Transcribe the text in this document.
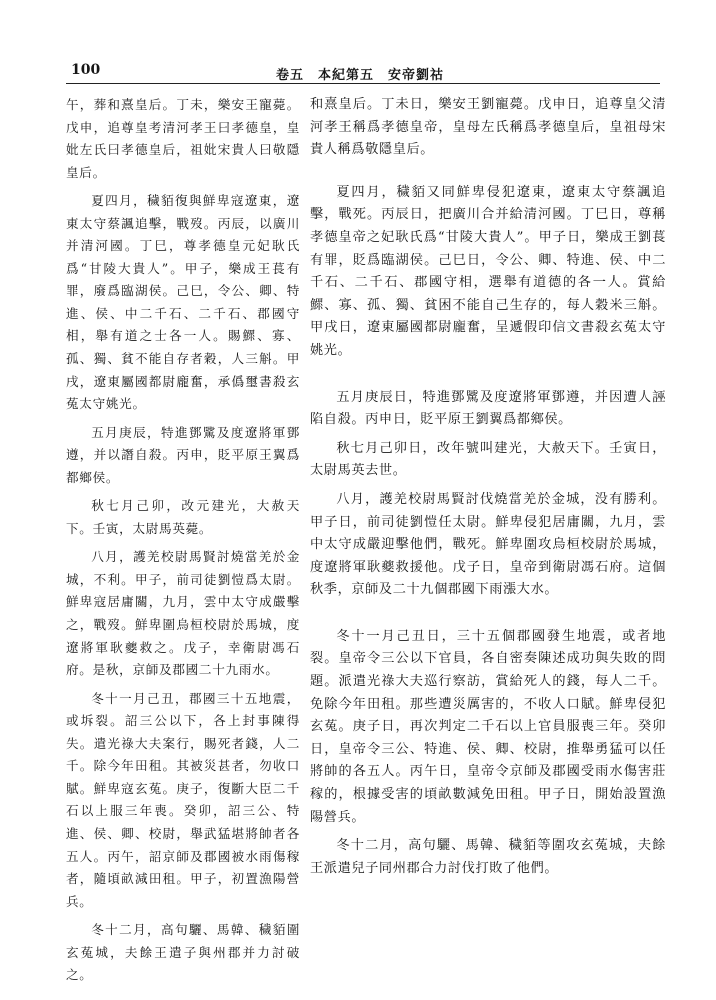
100	卷五　本紀第五　安帝劉祜

午，葬和熹皇后。丁未，樂安王寵薨。戊申，追尊皇考清河孝王曰孝德皇，皇妣左氏曰孝德皇后，祖妣宋貴人曰敬隱皇后。

夏四月，穢貊復與鮮卑寇遼東，遼東太守蔡諷追擊，戰歿。丙辰，以廣川并清河國。丁巳，尊孝德皇元妃耿氏爲“甘陵大貴人”。甲子，樂成王萇有罪，廢爲臨湖侯。己巳，令公、卿、特進、侯、中二千石、二千石、郡國守相，舉有道之士各一人。賜鰥、寡、孤、獨、貧不能自存者穀，人三斛。甲戌，遼東屬國都尉龐奮，承僞璽書殺玄菟太守姚光。

五月庚辰，特進鄧騭及度遼將軍鄧遵，并以譖自殺。丙申，貶平原王翼爲都鄉侯。

秋七月己卯，改元建光，大赦天下。壬寅，太尉馬英薨。

八月，護羌校尉馬賢討燒當羌於金城，不利。甲子，前司徒劉愷爲太尉。鮮卑寇居庸關，九月，雲中太守成嚴擊之，戰歿。鮮卑圍烏桓校尉於馬城，度遼將軍耿夔救之。戊子，幸衛尉馮石府。是秋，京師及郡國二十九雨水。

冬十一月己丑，郡國三十五地震，或坼裂。詔三公以下，各上封事陳得失。遣光祿大夫案行，賜死者錢，人二千。除今年田租。其被災甚者，勿收口賦。鮮卑寇玄菟。庚子，復斷大臣二千石以上服三年喪。癸卯，詔三公、特進、侯、卿、校尉，舉武猛堪將帥者各五人。丙午，詔京師及郡國被水雨傷稼者，隨頃畝減田租。甲子，初置漁陽營兵。

冬十二月，高句驪、馬韓、穢貊圍玄菟城，夫餘王遣子與州郡并力討破之。

和熹皇后。丁未日，樂安王劉寵薨。戊申日，追尊皇父清河孝王稱爲孝德皇帝，皇母左氏稱爲孝德皇后，皇祖母宋貴人稱爲敬隱皇后。

夏四月，穢貊又同鮮卑侵犯遼東，遼東太守蔡諷追擊，戰死。丙辰日，把廣川合并給清河國。丁巳日，尊稱孝德皇帝之妃耿氏爲“甘陵大貴人”。甲子日，樂成王劉萇有罪，貶爲臨湖侯。己巳日，令公、卿、特進、侯、中二千石、二千石、郡國守相，選舉有道德的各一人。賞給鰥、寡、孤、獨、貧困不能自己生存的，每人穀米三斛。甲戌日，遼東屬國都尉龐奮，呈遞假印信文書殺玄菟太守姚光。

五月庚辰日，特進鄧騭及度遼將軍鄧遵，并因遭人誣陷自殺。丙申日，貶平原王劉翼爲都鄉侯。

秋七月己卯日，改年號叫建光，大赦天下。壬寅日，太尉馬英去世。

八月，護羌校尉馬賢討伐燒當羌於金城，没有勝利。甲子日，前司徒劉愷任太尉。鮮卑侵犯居庸關，九月，雲中太守成嚴迎擊他們，戰死。鮮卑圍攻烏桓校尉於馬城，度遼將軍耿夔救援他。戊子日，皇帝到衛尉馮石府。這個秋季，京師及二十九個郡國下雨漲大水。

冬十一月己丑日，三十五個郡國發生地震，或者地裂。皇帝令三公以下官員，各自密奏陳述成功與失敗的問題。派遣光祿大夫巡行察訪，賞給死人的錢，每人二千。免除今年田租。那些遭災厲害的，不收人口賦。鮮卑侵犯玄菟。庚子日，再次判定二千石以上官員服喪三年。癸卯日，皇帝令三公、特進、侯、卿、校尉，推舉勇猛可以任將帥的各五人。丙午日，皇帝令京師及郡國受雨水傷害莊稼的，根據受害的頃畝數減免田租。甲子日，開始設置漁陽營兵。

冬十二月，高句驪、馬韓、穢貊等圍攻玄菟城，夫餘王派遣兒子同州郡合力討伐打敗了他們。
